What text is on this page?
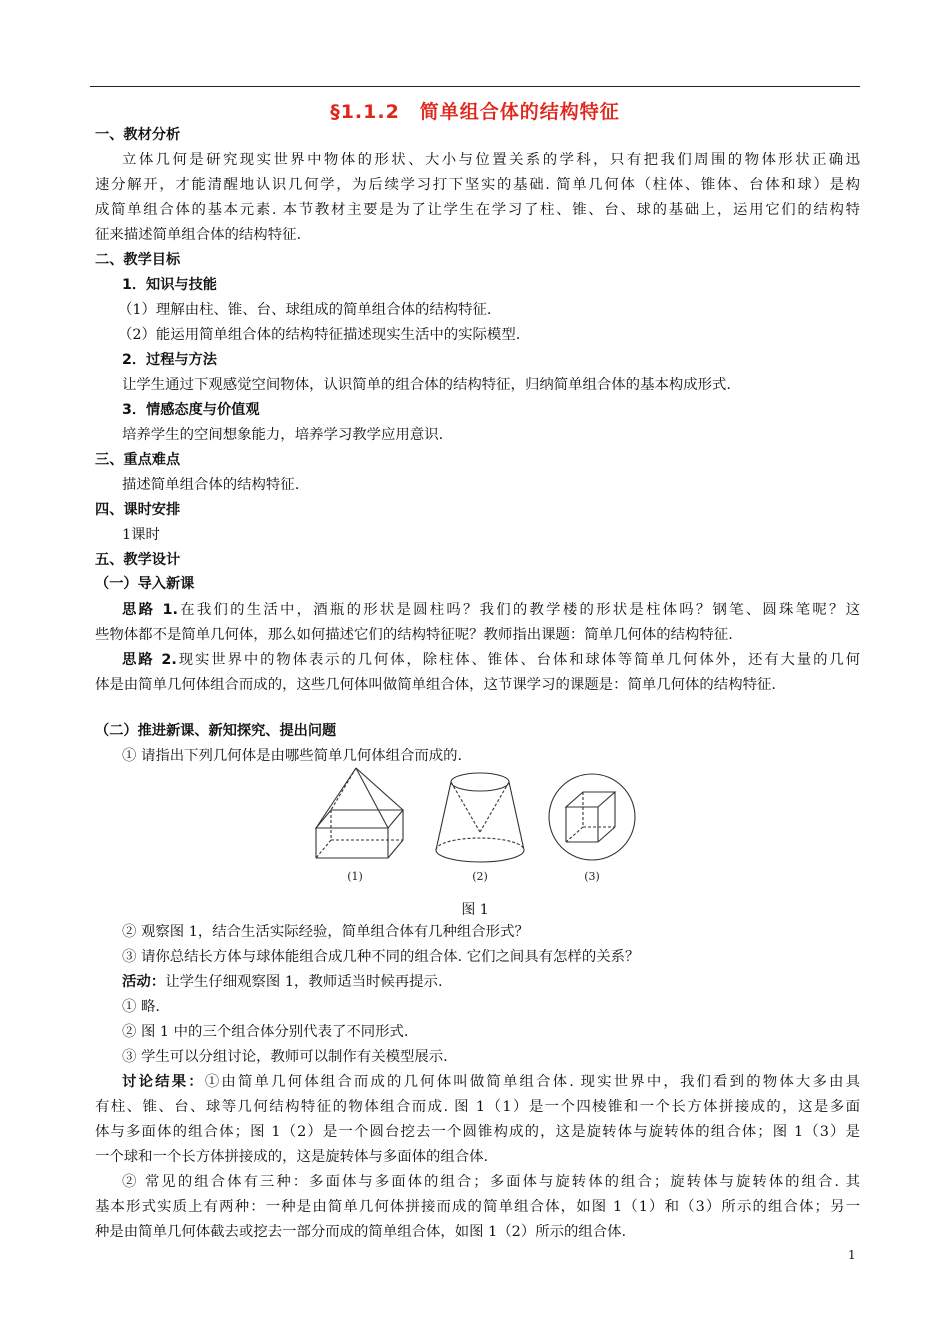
§1.1.2　简单组合体的结构特征
一、教材分析
立体几何是研究现实世界中物体的形状、大小与位置关系的学科，只有把我们周围的物体形状正确迅
速分解开，才能清醒地认识几何学，为后续学习打下坚实的基础. 简单几何体（柱体、锥体、台体和球）是构
成简单组合体的基本元素. 本节教材主要是为了让学生在学习了柱、锥、台、球的基础上，运用它们的结构特
征来描述简单组合体的结构特征.
二、教学目标
1．知识与技能
（1）理解由柱、锥、台、球组成的简单组合体的结构特征.
（2）能运用简单组合体的结构特征描述现实生活中的实际模型.
2．过程与方法
让学生通过下观感觉空间物体，认识简单的组合体的结构特征，归纳简单组合体的基本构成形式.
3．情感态度与价值观
培养学生的空间想象能力，培养学习教学应用意识.
三、重点难点
描述简单组合体的结构特征.
四、课时安排
1课时
五、教学设计
（一）导入新课
思路 1.在我们的生活中，酒瓶的形状是圆柱吗？我们的教学楼的形状是柱体吗？钢笔、圆珠笔呢？这
些物体都不是简单几何体，那么如何描述它们的结构特征呢？教师指出课题：简单几何体的结构特征.
思路 2.现实世界中的物体表示的几何体，除柱体、锥体、台体和球体等简单几何体外，还有大量的几何
体是由简单几何体组合而成的，这些几何体叫做简单组合体，这节课学习的课题是：简单几何体的结构特征.
（二）推进新课、新知探究、提出问题
① 请指出下列几何体是由哪些简单几何体组合而成的.
(1)	(2)	(3)
图 1
② 观察图 1，结合生活实际经验，简单组合体有几种组合形式？
③ 请你总结长方体与球体能组合成几种不同的组合体. 它们之间具有怎样的关系？
活动：让学生仔细观察图 1，教师适当时候再提示.
① 略.
② 图 1 中的三个组合体分别代表了不同形式.
③ 学生可以分组讨论，教师可以制作有关模型展示.
讨论结果：①由简单几何体组合而成的几何体叫做简单组合体. 现实世界中，我们看到的物体大多由具
有柱、锥、台、球等几何结构特征的物体组合而成. 图 1（1）是一个四棱锥和一个长方体拼接成的，这是多面
体与多面体的组合体；图 1（2）是一个圆台挖去一个圆锥构成的，这是旋转体与旋转体的组合体；图 1（3）是
一个球和一个长方体拼接成的，这是旋转体与多面体的组合体.
② 常见的组合体有三种：多面体与多面体的组合；多面体与旋转体的组合；旋转体与旋转体的组合. 其
基本形式实质上有两种：一种是由简单几何体拼接而成的简单组合体，如图 1（1）和（3）所示的组合体；另一
种是由简单几何体截去或挖去一部分而成的简单组合体，如图 1（2）所示的组合体.
1
